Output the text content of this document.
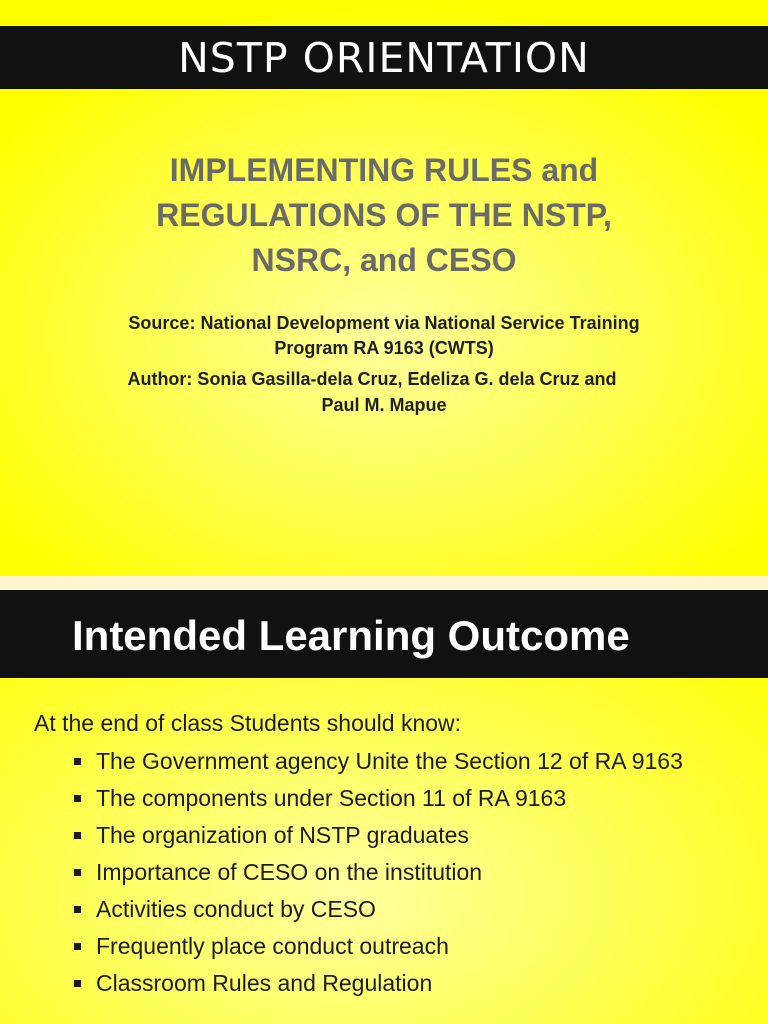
NSTP ORIENTATION
IMPLEMENTING RULES and
REGULATIONS OF THE NSTP,
NSRC, and CESO
Source: National Development via National Service Training
Program RA 9163 (CWTS)
Author: Sonia Gasilla-dela Cruz, Edeliza G. dela Cruz and
Paul M. Mapue
Intended Learning Outcome
At the end of class Students should know:
The Government agency Unite the Section 12 of RA 9163
The components under Section 11 of RA 9163
The organization of NSTP graduates
Importance of CESO on the institution
Activities conduct by CESO
Frequently place conduct outreach
Classroom Rules and Regulation
